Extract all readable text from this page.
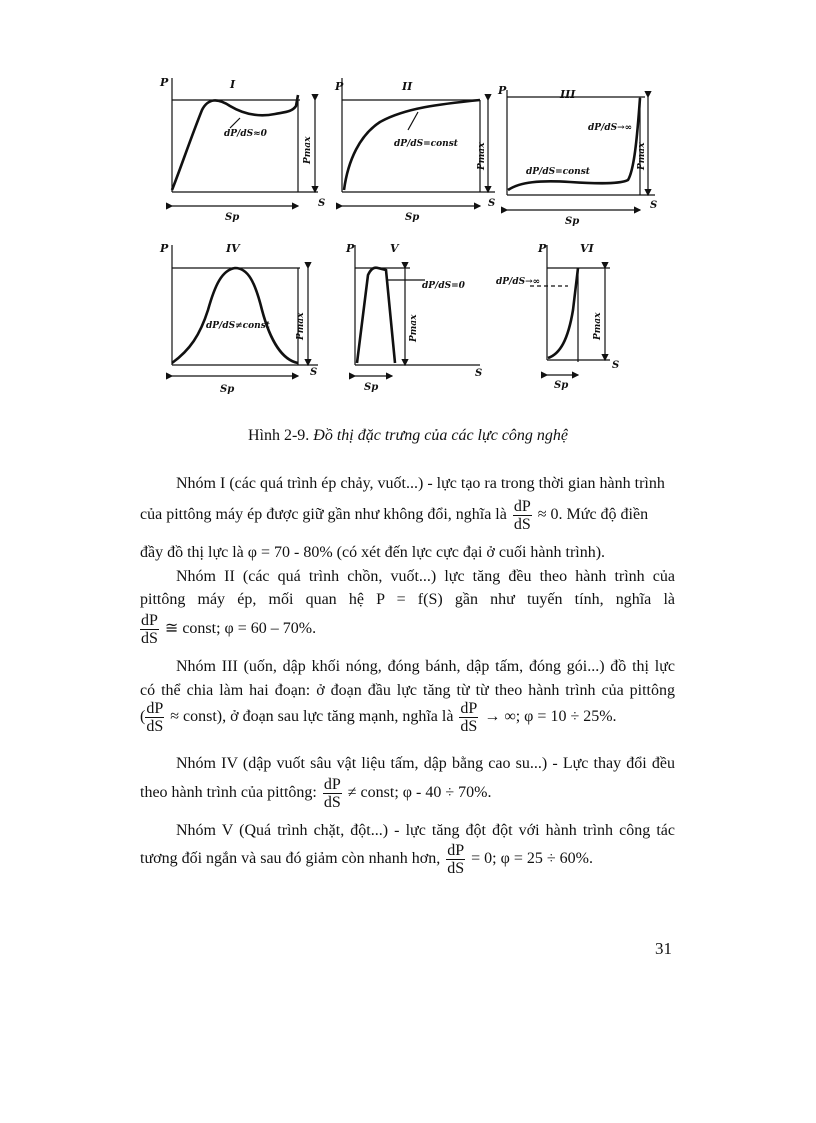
P	I
dP/dS≈0
Pmax
S
Sp
P	II
dP/dS=const Pmax
S
Sp
P	III
dP/dS→∞
dP/dS=const
Pmax
S
Sp
P	IV
dP/dS≠const	Pmax
S
Sp
P	V
dP/dS=0
Pmax
S
Sp
P	VI
dP/dS→∞
Pmax
S
Sp
Hình 2-9. Đồ thị đặc trưng của các lực công nghệ
Nhóm I (các quá trình ép chảy, vuốt...) - lực tạo ra trong thời gian hành trình
của pittông máy ép được giữ gần như không đổi, nghĩa là $\frac{dP}{dS} \approx 0$. Mức độ điền
đầy đồ thị lực là φ = 70 - 80% (có xét đến lực cực đại ở cuối hành trình).
Nhóm II (các quá trình chồn, vuốt...) lực tăng đều theo hành trình của
pittông máy ép, mối quan hệ P = f(S) gần như tuyến tính, nghĩa là
$\frac{dP}{dS}$ ≅ const; φ = 60 – 70%.
Nhóm III (uốn, dập khối nóng, đóng bánh, dập tấm, đóng gói...) đồ thị lực
có thể chia làm hai đoạn: ở đoạn đầu lực tăng từ từ theo hành trình của pittông
( $\frac{dP}{dS}$ ≈ const), ở đoạn sau lực tăng mạnh, nghĩa là $\frac{dP}{dS}$ → ∞; φ = 10 ÷ 25%.
Nhóm IV (dập vuốt sâu vật liệu tấm, dập bằng cao su...) - Lực thay đổi đều
theo hành trình của pittông: $\frac{dP}{dS}$ ≠ const; φ - 40 ÷ 70%.
Nhóm V (Quá trình chặt, đột...) - lực tăng đột đột với hành trình công tác
tương đối ngắn và sau đó giảm còn nhanh hơn, $\frac{dP}{dS} = 0$; φ = 25 ÷ 60%.
31
